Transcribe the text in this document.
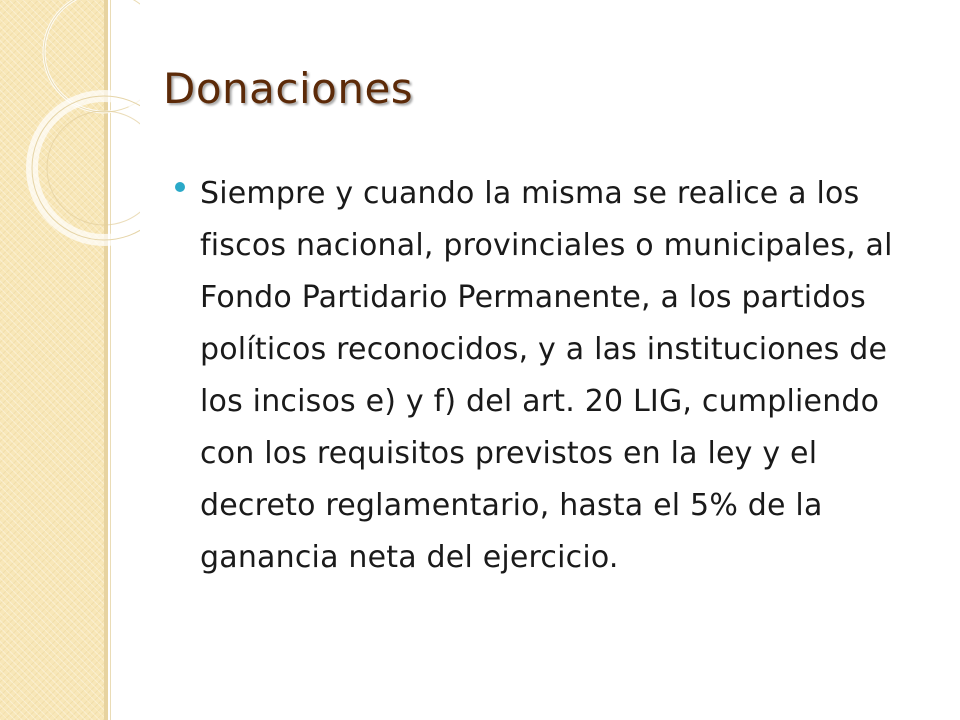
Donaciones

Siempre y cuando la misma se realice a los fiscos nacional, provinciales o municipales, al Fondo Partidario Permanente, a los partidos políticos reconocidos, y a las instituciones de los incisos e) y f) del art. 20 LIG, cumpliendo con los requisitos previstos en la ley y el decreto reglamentario, hasta el 5% de la ganancia neta del ejercicio.
